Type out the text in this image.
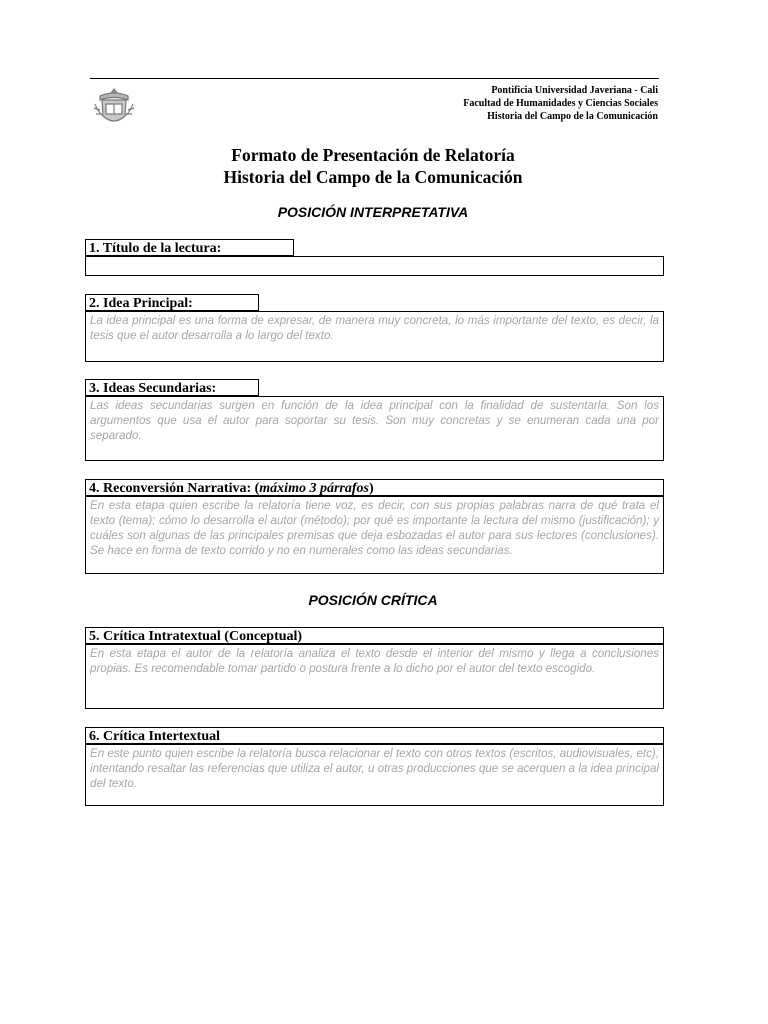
Pontificia Universidad Javeriana - Cali
Facultad de Humanidades y Ciencias Sociales
Historia del Campo de la Comunicación
Formato de Presentación de Relatoría
Historia del Campo de la Comunicación
POSICIÓN INTERPRETATIVA
1. Título de la lectura:
2. Idea Principal:
La idea principal es una forma de expresar, de manera muy concreta, lo más importante del texto, es decir, la tesis que el autor desarrolla a lo largo del texto.
3. Ideas Secundarias:
Las ideas secundarias surgen en función de la idea principal con la finalidad de sustentarla. Son los argumentos que usa el autor para soportar su tesis. Son muy concretas y se enumeran cada una por separado.
4. Reconversión Narrativa: (máximo 3 párrafos)
En esta etapa quien escribe la relatoría tiene voz, es decir, con sus propias palabras narra de qué trata el texto (tema); cómo lo desarrolla el autor (método); por qué es importante la lectura del mismo (justificación); y cuáles son algunas de las principales premisas que deja esbozadas el autor para sus lectores (conclusiones). Se hace en forma de texto corrido y no en numerales como las ideas secundarias.
POSICIÓN CRÍTICA
5. Crítica Intratextual (Conceptual)
En esta etapa el autor de la relatoría analiza el texto desde el interior del mismo y llega a conclusiones propias. Es recomendable tomar partido o postura frente a lo dicho por el autor del texto escogido.
6. Crítica Intertextual
En este punto quien escribe la relatoría busca relacionar el texto con otros textos (escritos, audiovisuales, etc), intentando resaltar las referencias que utiliza el autor, u otras producciones que se acerquen a la idea principal del texto.
